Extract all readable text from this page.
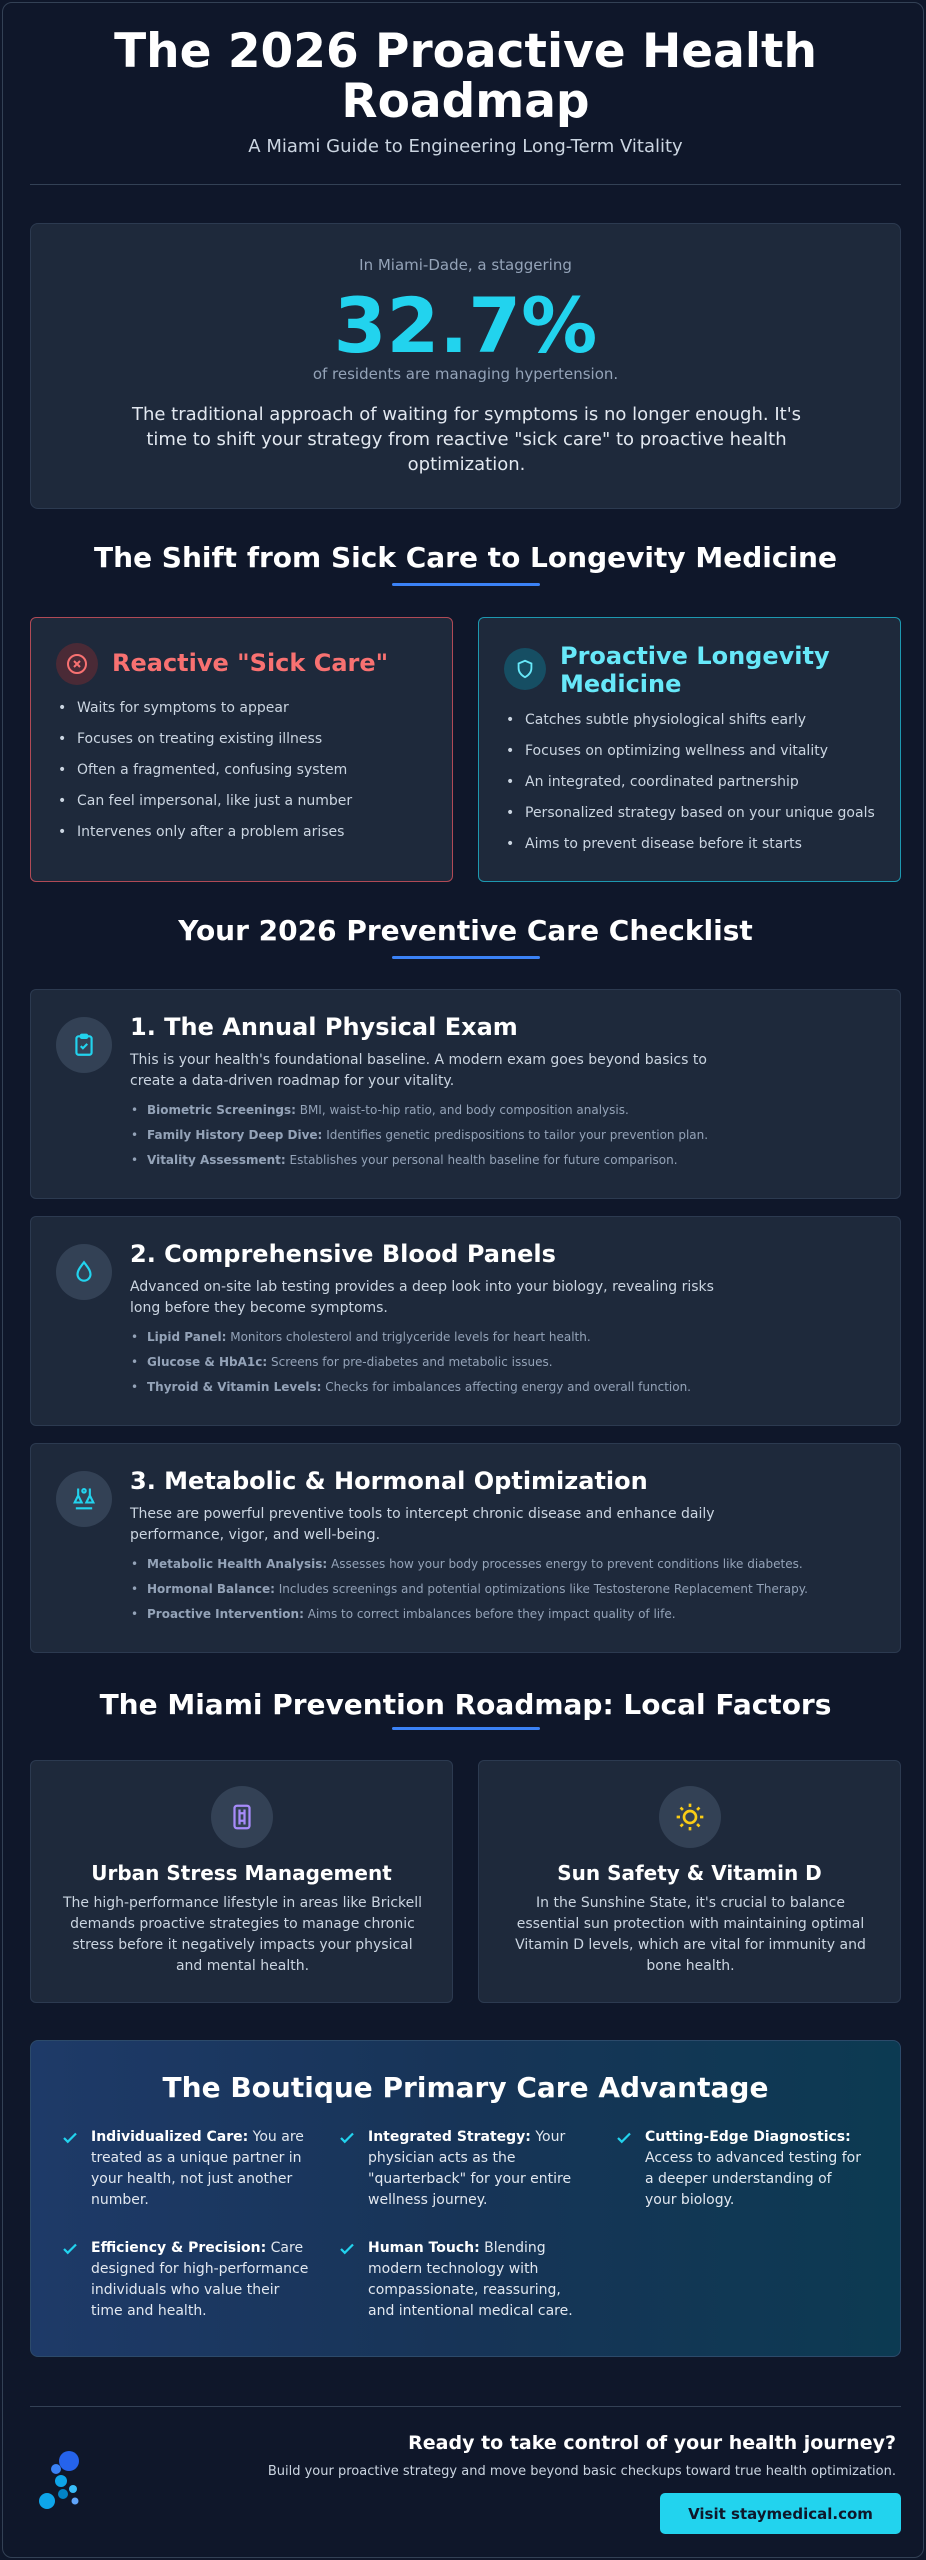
The 2026 Proactive Health Roadmap
A Miami Guide to Engineering Long-Term Vitality
In Miami-Dade, a staggering
32.7%
of residents are managing hypertension.
The traditional approach of waiting for symptoms is no longer enough. It's time to shift your strategy from reactive "sick care" to proactive health optimization.
The Shift from Sick Care to Longevity Medicine
Reactive "Sick Care"
• Waits for symptoms to appear
• Focuses on treating existing illness
• Often a fragmented, confusing system
• Can feel impersonal, like just a number
• Intervenes only after a problem arises
Proactive Longevity Medicine
• Catches subtle physiological shifts early
• Focuses on optimizing wellness and vitality
• An integrated, coordinated partnership
• Personalized strategy based on your unique goals
• Aims to prevent disease before it starts
Your 2026 Preventive Care Checklist
1. The Annual Physical Exam
This is your health's foundational baseline. A modern exam goes beyond basics to create a data-driven roadmap for your vitality.
• Biometric Screenings: BMI, waist-to-hip ratio, and body composition analysis.
• Family History Deep Dive: Identifies genetic predispositions to tailor your prevention plan.
• Vitality Assessment: Establishes your personal health baseline for future comparison.
2. Comprehensive Blood Panels
Advanced on-site lab testing provides a deep look into your biology, revealing risks long before they become symptoms.
• Lipid Panel: Monitors cholesterol and triglyceride levels for heart health.
• Glucose & HbA1c: Screens for pre-diabetes and metabolic issues.
• Thyroid & Vitamin Levels: Checks for imbalances affecting energy and overall function.
3. Metabolic & Hormonal Optimization
These are powerful preventive tools to intercept chronic disease and enhance daily performance, vigor, and well-being.
• Metabolic Health Analysis: Assesses how your body processes energy to prevent conditions like diabetes.
• Hormonal Balance: Includes screenings and potential optimizations like Testosterone Replacement Therapy.
• Proactive Intervention: Aims to correct imbalances before they impact quality of life.
The Miami Prevention Roadmap: Local Factors
Urban Stress Management
The high-performance lifestyle in areas like Brickell demands proactive strategies to manage chronic stress before it negatively impacts your physical and mental health.
Sun Safety & Vitamin D
In the Sunshine State, it's crucial to balance essential sun protection with maintaining optimal Vitamin D levels, which are vital for immunity and bone health.
The Boutique Primary Care Advantage
Individualized Care: You are treated as a unique partner in your health, not just another number.
Integrated Strategy: Your physician acts as the "quarterback" for your entire wellness journey.
Cutting-Edge Diagnostics: Access to advanced testing for a deeper understanding of your biology.
Efficiency & Precision: Care designed for high-performance individuals who value their time and health.
Human Touch: Blending modern technology with compassionate, reassuring, and intentional medical care.
Ready to take control of your health journey?
Build your proactive strategy and move beyond basic checkups toward true health optimization.
Visit staymedical.com
